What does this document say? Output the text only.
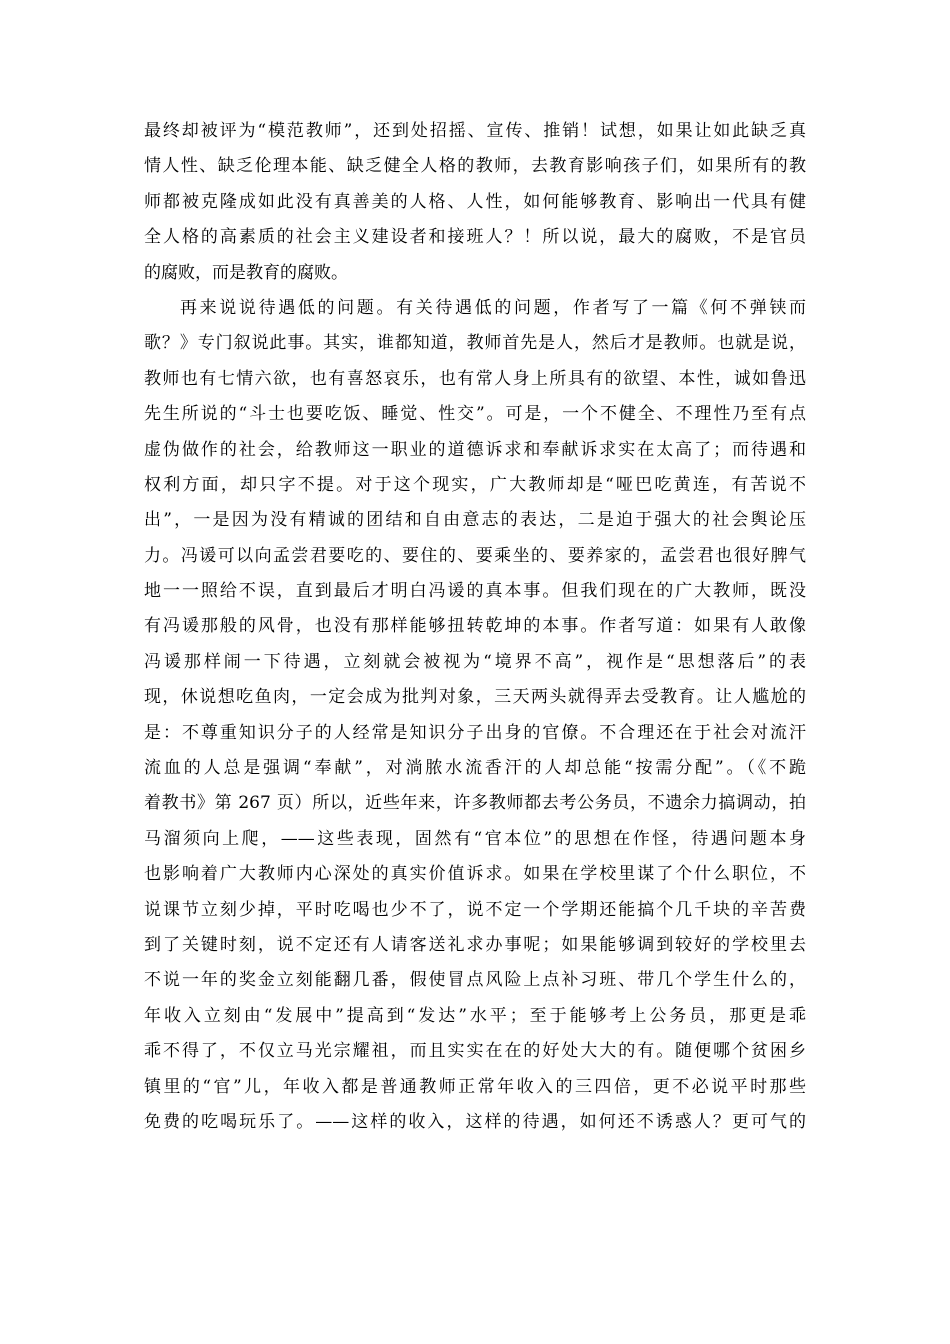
最终却被评为“模范教师”，还到处招摇、宣传、推销！试想，如果让如此缺乏真
情人性、缺乏伦理本能、缺乏健全人格的教师，去教育影响孩子们，如果所有的教
师都被克隆成如此没有真善美的人格、人性，如何能够教育、影响出一代具有健
全人格的高素质的社会主义建设者和接班人？！所以说，最大的腐败，不是官员
的腐败，而是教育的腐败。
再来说说待遇低的问题。有关待遇低的问题，作者写了一篇《何不弹铗而
歌？》专门叙说此事。其实，谁都知道，教师首先是人，然后才是教师。也就是说，
教师也有七情六欲，也有喜怒哀乐，也有常人身上所具有的欲望、本性，诚如鲁迅
先生所说的“斗士也要吃饭、睡觉、性交”。可是，一个不健全、不理性乃至有点
虚伪做作的社会，给教师这一职业的道德诉求和奉献诉求实在太高了；而待遇和
权利方面，却只字不提。对于这个现实，广大教师却是“哑巴吃黄连，有苦说不
出”，一是因为没有精诚的团结和自由意志的表达，二是迫于强大的社会舆论压
力。冯谖可以向孟尝君要吃的、要住的、要乘坐的、要养家的，孟尝君也很好脾气
地一一照给不误，直到最后才明白冯谖的真本事。但我们现在的广大教师，既没
有冯谖那般的风骨，也没有那样能够扭转乾坤的本事。作者写道：如果有人敢像
冯谖那样闹一下待遇，立刻就会被视为“境界不高”，视作是“思想落后”的表
现，休说想吃鱼肉，一定会成为批判对象，三天两头就得弄去受教育。让人尴尬的
是：不尊重知识分子的人经常是知识分子出身的官僚。不合理还在于社会对流汗
流血的人总是强调“奉献”，对淌脓水流香汗的人却总能“按需分配”。（《不跪
着教书》第 267 页）所以，近些年来，许多教师都去考公务员，不遗余力搞调动，拍
马溜须向上爬，——这些表现，固然有“官本位”的思想在作怪，待遇问题本身
也影响着广大教师内心深处的真实价值诉求。如果在学校里谋了个什么职位，不
说课节立刻少掉，平时吃喝也少不了，说不定一个学期还能搞个几千块的辛苦费
到了关键时刻，说不定还有人请客送礼求办事呢；如果能够调到较好的学校里去
不说一年的奖金立刻能翻几番，假使冒点风险上点补习班、带几个学生什么的，
年收入立刻由“发展中”提高到“发达”水平；至于能够考上公务员，那更是乖
乖不得了，不仅立马光宗耀祖，而且实实在在的好处大大的有。随便哪个贫困乡
镇里的“官”儿，年收入都是普通教师正常年收入的三四倍，更不必说平时那些
免费的吃喝玩乐了。——这样的收入，这样的待遇，如何还不诱惑人？更可气的
